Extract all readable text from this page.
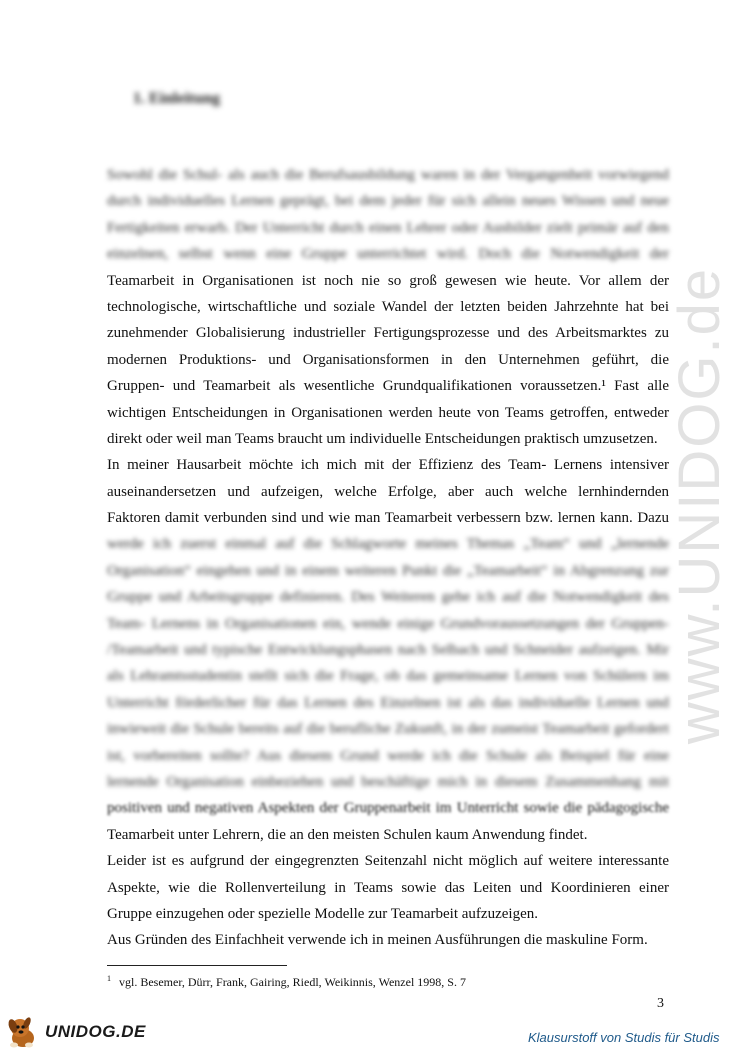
www.UNIDOG.de
1. Einleitung
Sowohl die Schul- als auch die Berufsausbildung waren in der Vergangenheit vorwiegend
durch individuelles Lernen geprägt, bei dem jeder für sich allein neues Wissen und neue
Fertigkeiten erwarb. Der Unterricht durch einen Lehrer oder Ausbilder zielt primär auf den
einzelnen, selbst wenn eine Gruppe unterrichtet wird. Doch die Notwendigkeit der
Teamarbeit in Organisationen ist noch nie so groß gewesen wie heute. Vor allem der
technologische, wirtschaftliche und soziale Wandel der letzten beiden Jahrzehnte hat bei
zunehmender Globalisierung industrieller Fertigungsprozesse und des Arbeitsmarktes zu
modernen Produktions- und Organisationsformen in den Unternehmen geführt, die
Gruppen- und Teamarbeit als wesentliche Grundqualifikationen voraussetzen.¹ Fast alle
wichtigen Entscheidungen in Organisationen werden heute von Teams getroffen, entweder
direkt oder weil man Teams braucht um individuelle Entscheidungen praktisch umzusetzen.
In meiner Hausarbeit möchte ich mich mit der Effizienz des Team- Lernens intensiver
auseinandersetzen und aufzeigen, welche Erfolge, aber auch welche lernhindernden
Faktoren damit verbunden sind und wie man Teamarbeit verbessern bzw. lernen kann. Dazu
werde ich zuerst einmal auf die Schlagworte meines Themas „Team“ und „lernende
Organisation“ eingehen und in einem weiteren Punkt die „Teamarbeit“ in Abgrenzung zur
Gruppe und Arbeitsgruppe definieren. Des Weiteren gehe ich auf die Notwendigkeit des
Team- Lernens in Organisationen ein, wende einige Grundvoraussetzungen der Gruppen-
/Teamarbeit und typische Entwicklungsphasen nach Selbach und Schneider aufzeigen. Mir
als Lehramtsstudentin stellt sich die Frage, ob das gemeinsame Lernen von Schülern im
Unterricht förderlicher für das Lernen des Einzelnen ist als das individuelle Lernen und
inwieweit die Schule bereits auf die berufliche Zukunft, in der zumeist Teamarbeit gefordert
ist, vorbereiten sollte? Aus diesem Grund werde ich die Schule als Beispiel für eine
lernende Organisation einbeziehen und beschäftige mich in diesem Zusammenhang mit
positiven und negativen Aspekten der Gruppenarbeit im Unterricht sowie die pädagogische
Teamarbeit unter Lehrern, die an den meisten Schulen kaum Anwendung findet.
Leider ist es aufgrund der eingegrenzten Seitenzahl nicht möglich auf weitere interessante
Aspekte, wie die Rollenverteilung in Teams sowie das Leiten und Koordinieren einer
Gruppe einzugehen oder spezielle Modelle zur Teamarbeit aufzuzeigen.
Aus Gründen des Einfachheit verwende ich in meinen Ausführungen die maskuline Form.
$^1$ vgl. Besemer, Dürr, Frank, Gairing, Riedl, Weikinnis, Wenzel 1998, S. 7
3
UNIDOG.DE	Klausurstoff von Studis für Studis
